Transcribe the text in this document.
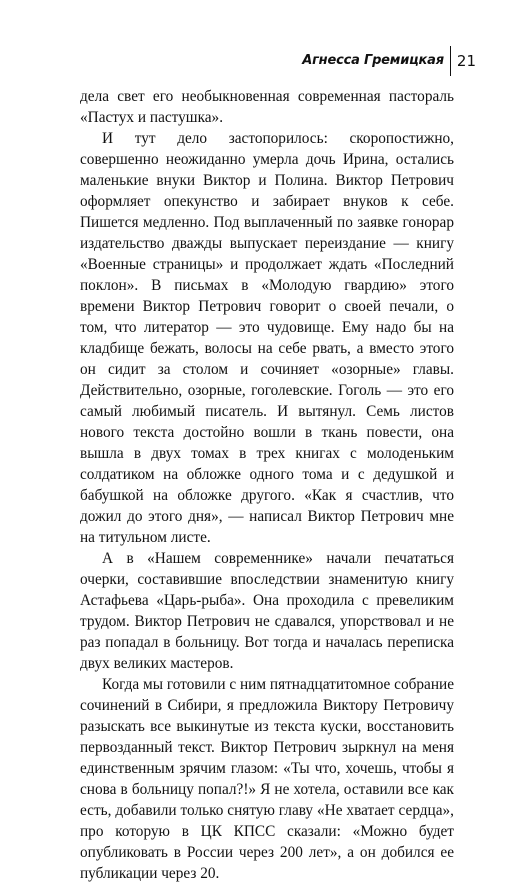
Агнесса Гремицкая 21

дела свет его необыкновенная современная пастораль «Пастух и пастушка».

И тут дело застопорилось: скоропостижно, совершенно неожиданно умерла дочь Ирина, остались маленькие внуки Виктор и Полина. Виктор Петрович оформляет опекунство и забирает внуков к себе. Пишется медленно. Под выплаченный по заявке гонорар издательство дважды выпускает переиздание — книгу «Военные страницы» и продолжает ждать «Последний поклон». В письмах в «Молодую гвардию» этого времени Виктор Петрович говорит о своей печали, о том, что литератор — это чудовище. Ему надо бы на кладбище бежать, волосы на себе рвать, а вместо этого он сидит за столом и сочиняет «озорные» главы. Действительно, озорные, гоголевские. Гоголь — это его самый любимый писатель. И вытянул. Семь листов нового текста достойно вошли в ткань повести, она вышла в двух томах в трех книгах с молоденьким солдатиком на обложке одного тома и с дедушкой и бабушкой на обложке другого. «Как я счастлив, что дожил до этого дня», — написал Виктор Петрович мне на титульном листе.

А в «Нашем современнике» начали печататься очерки, составившие впоследствии знаменитую книгу Астафьева «Царь-рыба». Она проходила с превеликим трудом. Виктор Петрович не сдавался, упорствовал и не раз попадал в больницу. Вот тогда и началась переписка двух великих мастеров.

Когда мы готовили с ним пятнадцатитомное собрание сочинений в Сибири, я предложила Виктору Петровичу разыскать все выкинутые из текста куски, восстановить первозданный текст. Виктор Петрович зыркнул на меня единственным зрячим глазом: «Ты что, хочешь, чтобы я снова в больницу попал?!» Я не хотела, оставили все как есть, добавили только снятую главу «Не хватает сердца», про которую в ЦК КПСС сказали: «Можно будет опубликовать в России через 200 лет», а он добился ее публикации через 20.
